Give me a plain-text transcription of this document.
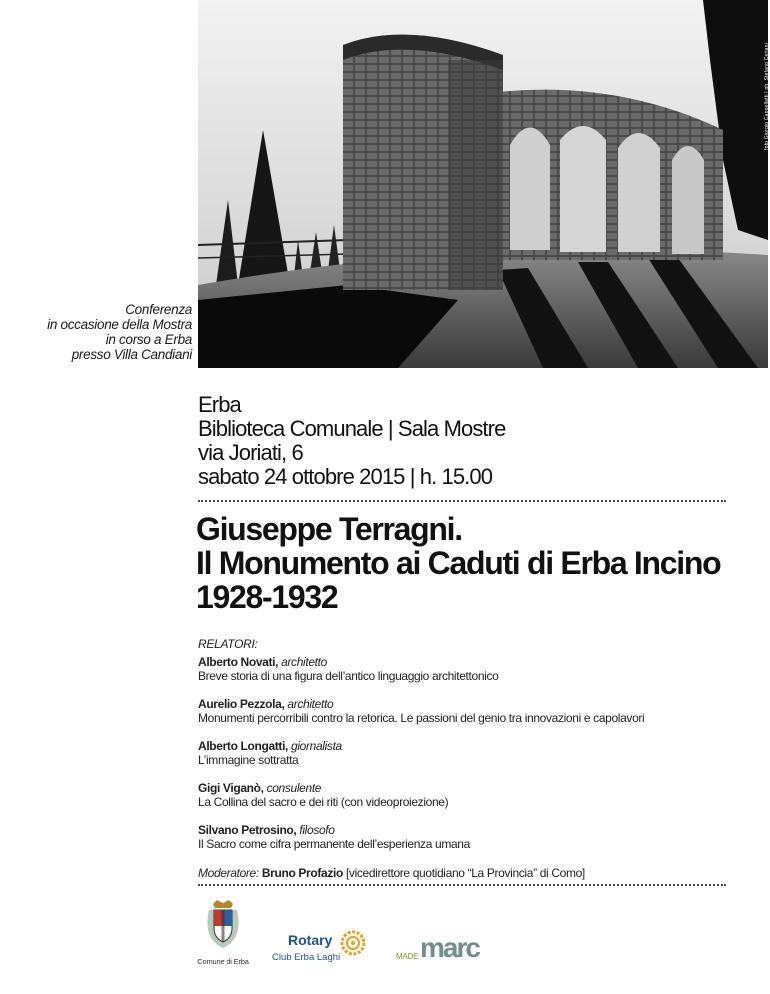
foto Giorgio Cappelletti | ph. Stefano Ceriani
Conferenza
in occasione della Mostra
in corso a Erba
presso Villa Candiani
Erba
Biblioteca Comunale | Sala Mostre
via Joriati, 6
sabato 24 ottobre 2015 | h. 15.00
Giuseppe Terragni.
Il Monumento ai Caduti di Erba Incino
1928-1932
RELATORI:
Alberto Novati, architetto
Breve storia di una figura dell’antico linguaggio architettonico
Aurelio Pezzola, architetto
Monumenti percorribili contro la retorica. Le passioni del genio tra innovazioni e capolavori
Alberto Longatti, giornalista
L’immagine sottratta
Gigi Viganò, consulente
La Collina del sacro e dei riti (con videoproiezione)
Silvano Petrosino, filosofo
Il Sacro come cifra permanente dell’esperienza umana
Moderatore: Bruno Profazio [vicedirettore quotidiano “La Provincia” di Como]
Comune di Erba
Rotary
Club Erba Laghi	MADE marc
